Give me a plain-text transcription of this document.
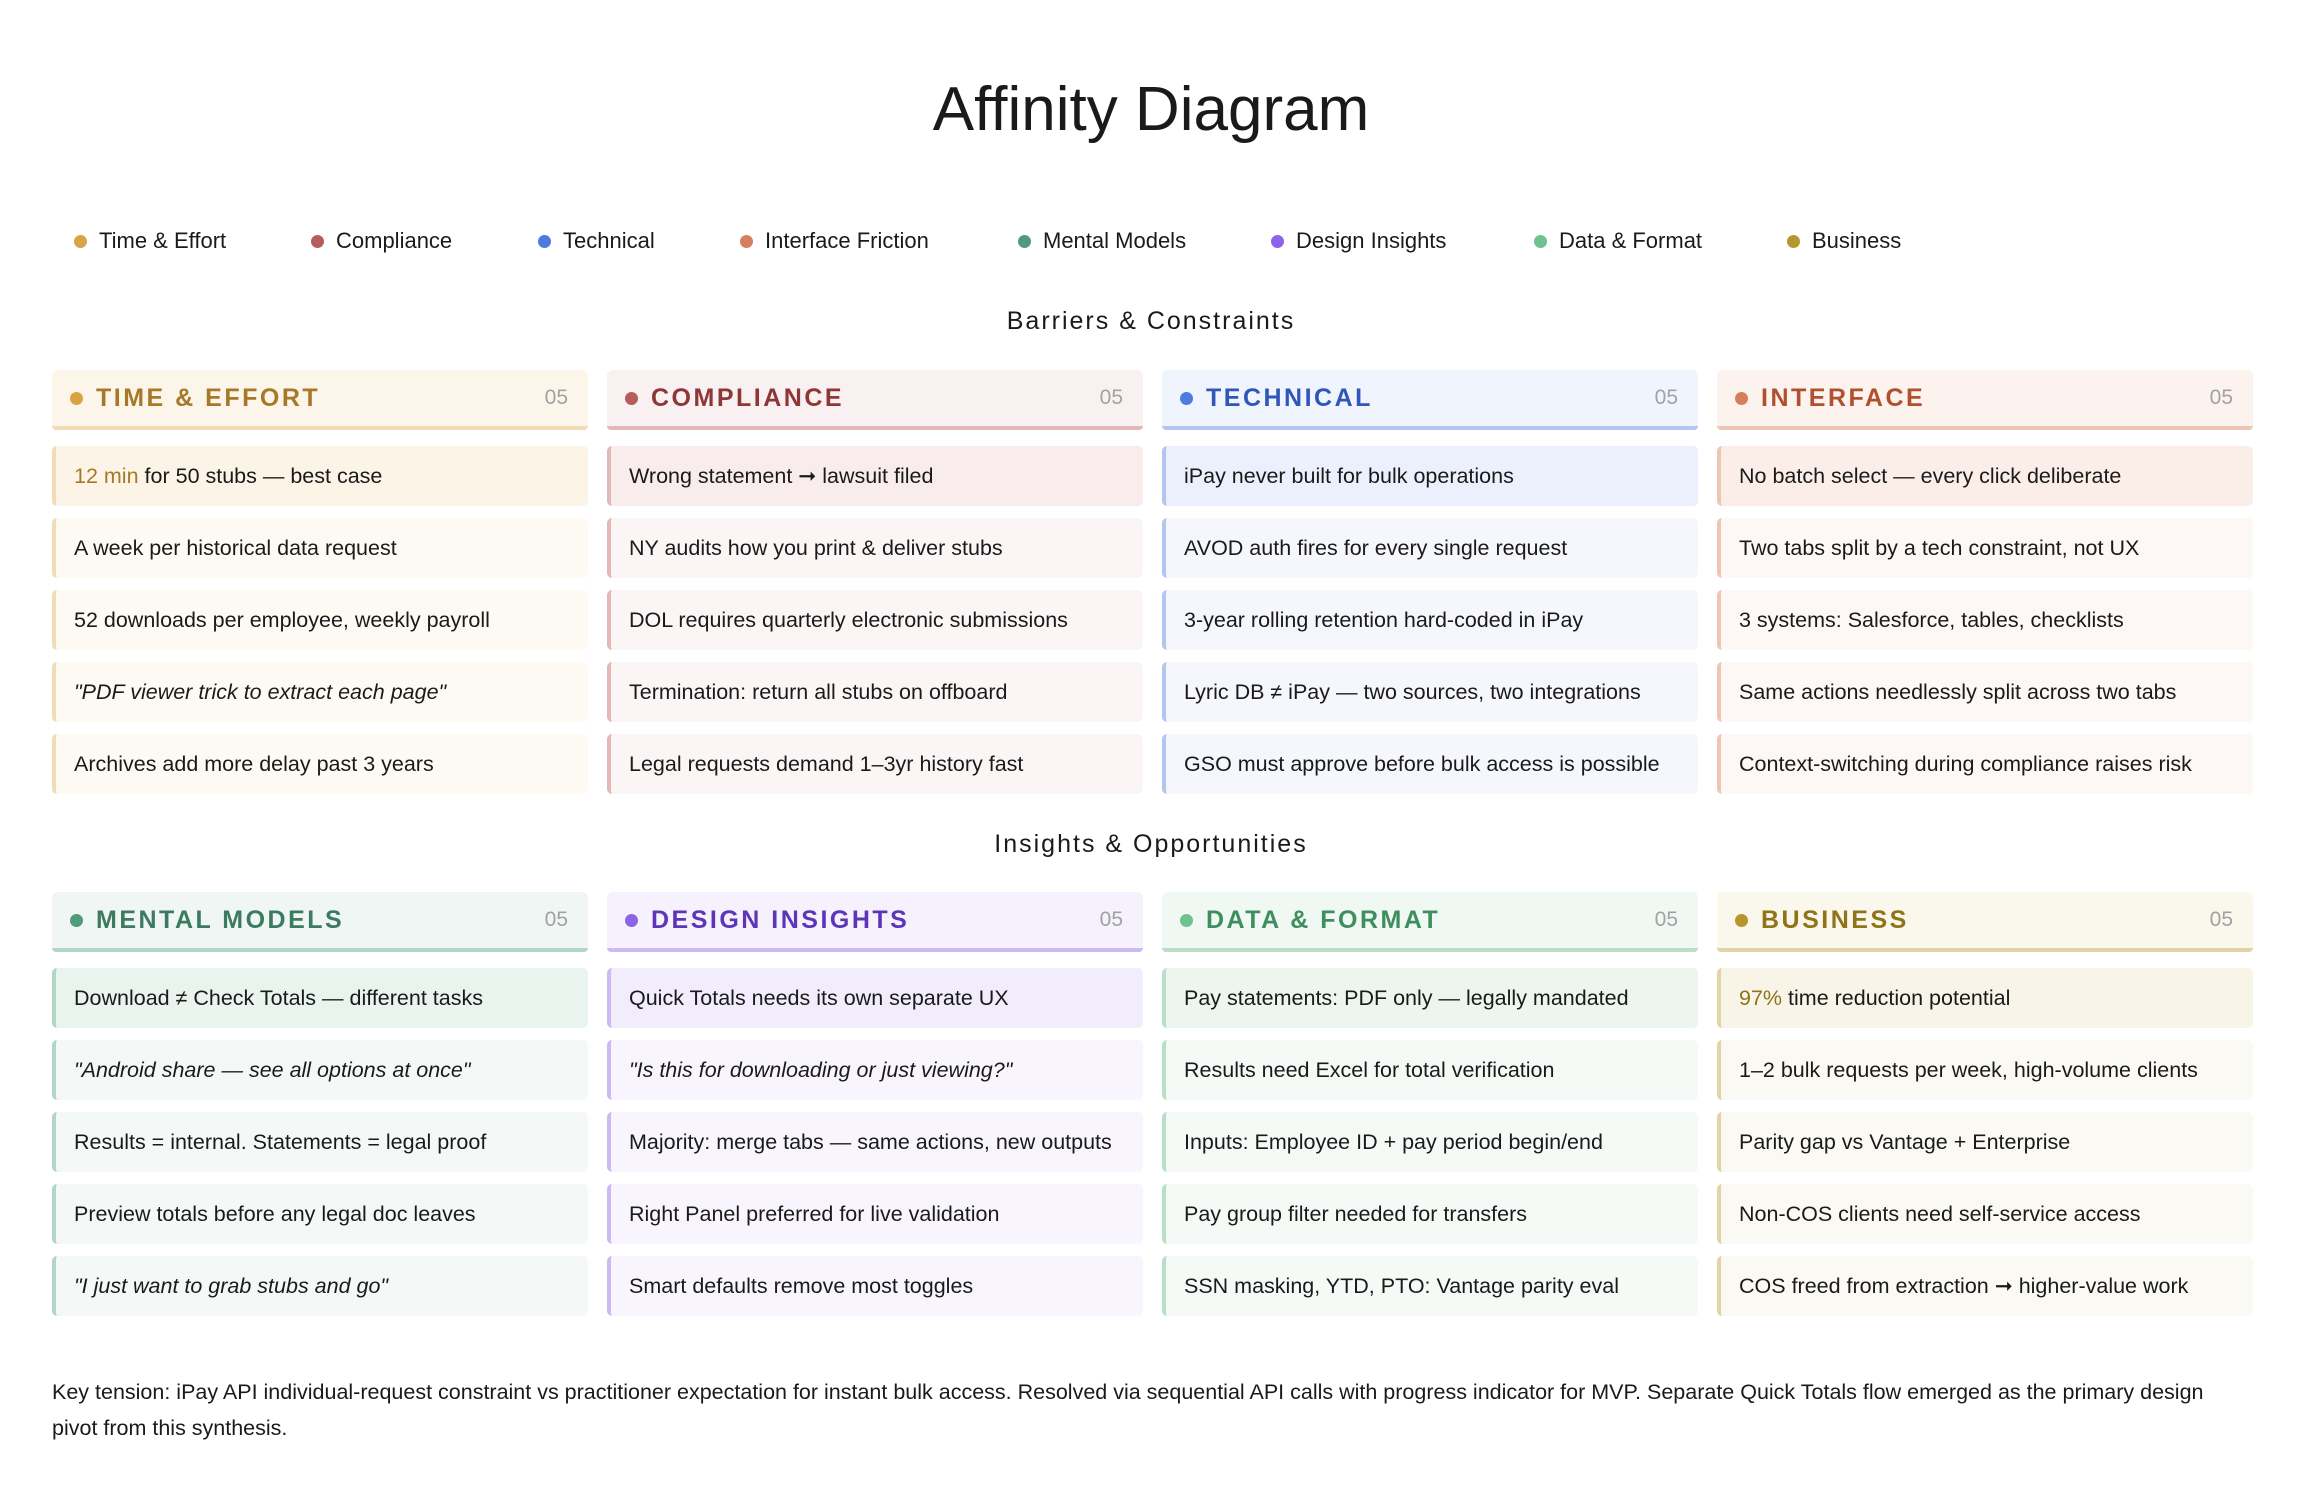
Affinity Diagram
Time & Effort	Compliance	Technical	Interface Friction	Mental Models	Design Insights	Data & Format	Business
Barriers & Constraints
TIME & EFFORT	05
12 min for 50 stubs — best case
A week per historical data request
52 downloads per employee, weekly payroll
"PDF viewer trick to extract each page"
Archives add more delay past 3 years
COMPLIANCE	05
Wrong statement ➞ lawsuit filed
NY audits how you print & deliver stubs
DOL requires quarterly electronic submissions
Termination: return all stubs on offboard
Legal requests demand 1–3yr history fast
TECHNICAL	05
iPay never built for bulk operations
AVOD auth fires for every single request
3-year rolling retention hard-coded in iPay
Lyric DB ≠ iPay — two sources, two integrations
GSO must approve before bulk access is possible
INTERFACE	05
No batch select — every click deliberate
Two tabs split by a tech constraint, not UX
3 systems: Salesforce, tables, checklists
Same actions needlessly split across two tabs
Context-switching during compliance raises risk
Insights & Opportunities
MENTAL MODELS	05
Download ≠ Check Totals — different tasks
"Android share — see all options at once"
Results = internal. Statements = legal proof
Preview totals before any legal doc leaves
"I just want to grab stubs and go"
DESIGN INSIGHTS	05
Quick Totals needs its own separate UX
"Is this for downloading or just viewing?"
Majority: merge tabs — same actions, new outputs
Right Panel preferred for live validation
Smart defaults remove most toggles
DATA & FORMAT	05
Pay statements: PDF only — legally mandated
Results need Excel for total verification
Inputs: Employee ID + pay period begin/end
Pay group filter needed for transfers
SSN masking, YTD, PTO: Vantage parity eval
BUSINESS	05
97% time reduction potential
1–2 bulk requests per week, high-volume clients
Parity gap vs Vantage + Enterprise
Non-COS clients need self-service access
COS freed from extraction ➞ higher-value work
Key tension: iPay API individual-request constraint vs practitioner expectation for instant bulk access. Resolved via sequential API calls with progress indicator for MVP. Separate Quick Totals flow emerged as the primary design pivot from this synthesis.
